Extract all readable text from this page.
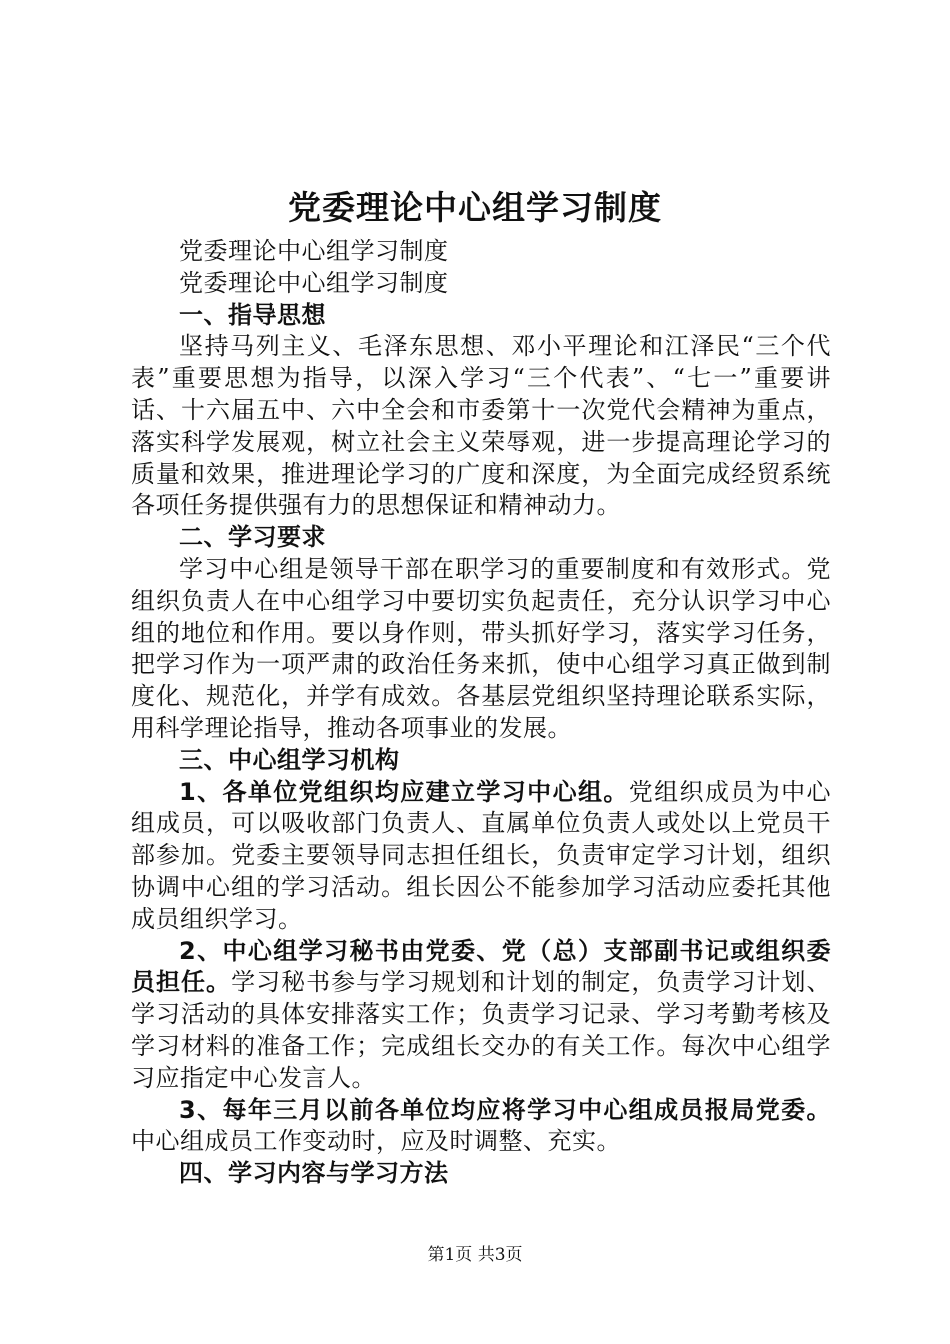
党委理论中心组学习制度

党委理论中心组学习制度

党委理论中心组学习制度

一、指导思想

坚持马列主义、毛泽东思想、邓小平理论和江泽民“三个代表”重要思想为指导，以深入学习“三个代表”、“七一”重要讲话、十六届五中、六中全会和市委第十一次党代会精神为重点，落实科学发展观，树立社会主义荣辱观，进一步提高理论学习的质量和效果，推进理论学习的广度和深度，为全面完成经贸系统各项任务提供强有力的思想保证和精神动力。

二、学习要求

学习中心组是领导干部在职学习的重要制度和有效形式。党组织负责人在中心组学习中要切实负起责任，充分认识学习中心组的地位和作用。要以身作则，带头抓好学习，落实学习任务，把学习作为一项严肃的政治任务来抓，使中心组学习真正做到制度化、规范化，并学有成效。各基层党组织坚持理论联系实际，用科学理论指导，推动各项事业的发展。

三、中心组学习机构

1、各单位党组织均应建立学习中心组。党组织成员为中心组成员，可以吸收部门负责人、直属单位负责人或处以上党员干部参加。党委主要领导同志担任组长，负责审定学习计划，组织协调中心组的学习活动。组长因公不能参加学习活动应委托其他成员组织学习。

2、中心组学习秘书由党委、党（总）支部副书记或组织委员担任。学习秘书参与学习规划和计划的制定，负责学习计划、学习活动的具体安排落实工作；负责学习记录、学习考勤考核及学习材料的准备工作；完成组长交办的有关工作。每次中心组学习应指定中心发言人。

3、每年三月以前各单位均应将学习中心组成员报局党委。中心组成员工作变动时，应及时调整、充实。

四、学习内容与学习方法

第1页 共3页
